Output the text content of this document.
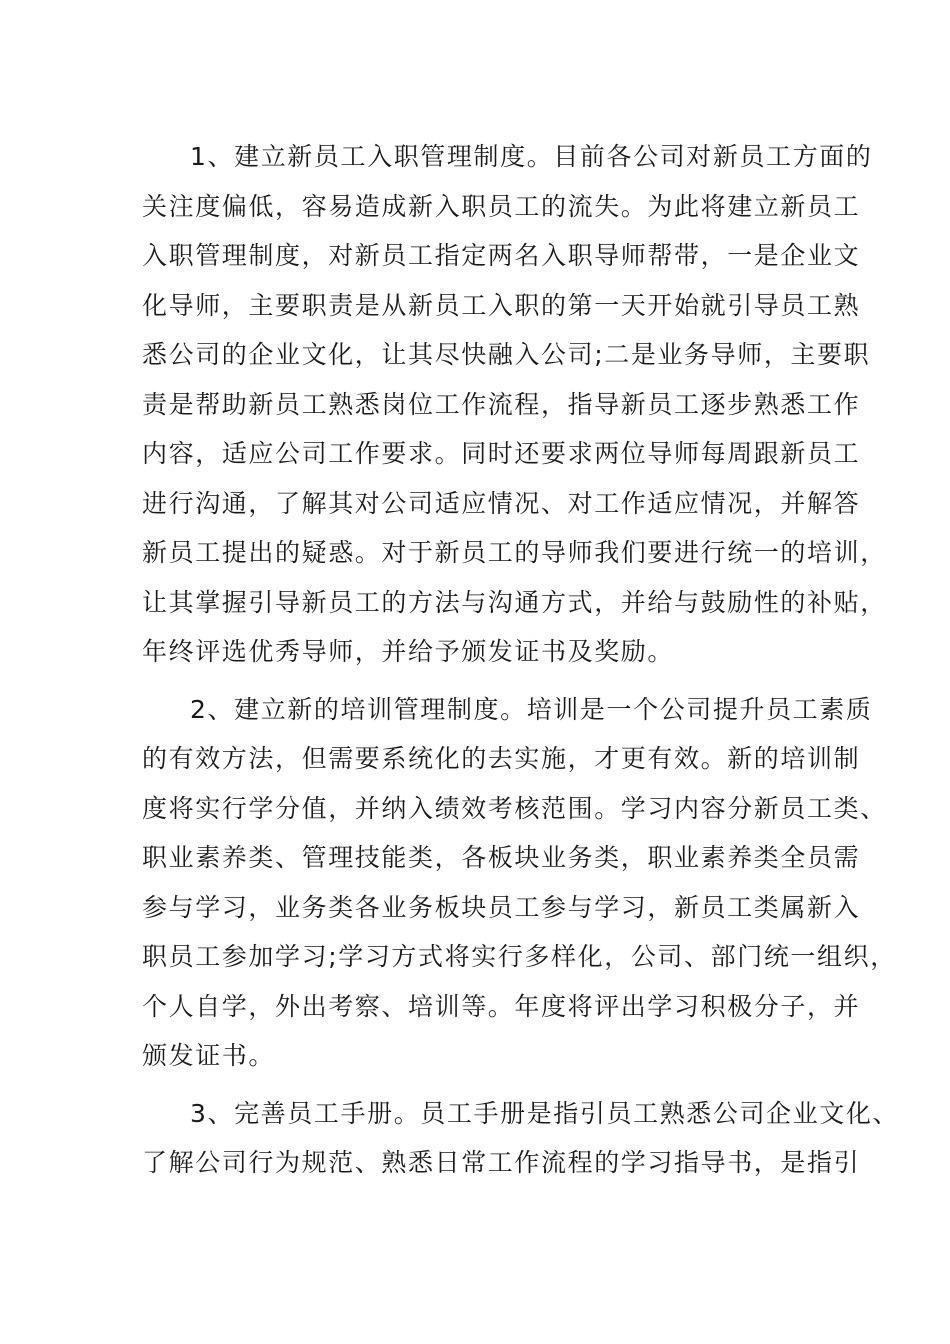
1、建立新员工入职管理制度。目前各公司对新员工方面的
关注度偏低，容易造成新入职员工的流失。为此将建立新员工
入职管理制度，对新员工指定两名入职导师帮带，一是企业文
化导师，主要职责是从新员工入职的第一天开始就引导员工熟
悉公司的企业文化，让其尽快融入公司;二是业务导师，主要职
责是帮助新员工熟悉岗位工作流程，指导新员工逐步熟悉工作
内容，适应公司工作要求。同时还要求两位导师每周跟新员工
进行沟通，了解其对公司适应情况、对工作适应情况，并解答
新员工提出的疑惑。对于新员工的导师我们要进行统一的培训，
让其掌握引导新员工的方法与沟通方式，并给与鼓励性的补贴，
年终评选优秀导师，并给予颁发证书及奖励。
2、建立新的培训管理制度。培训是一个公司提升员工素质
的有效方法，但需要系统化的去实施，才更有效。新的培训制
度将实行学分值，并纳入绩效考核范围。学习内容分新员工类、
职业素养类、管理技能类，各板块业务类，职业素养类全员需
参与学习，业务类各业务板块员工参与学习，新员工类属新入
职员工参加学习;学习方式将实行多样化，公司、部门统一组织，
个人自学，外出考察、培训等。年度将评出学习积极分子，并
颁发证书。
3、完善员工手册。员工手册是指引员工熟悉公司企业文化、
了解公司行为规范、熟悉日常工作流程的学习指导书，是指引
